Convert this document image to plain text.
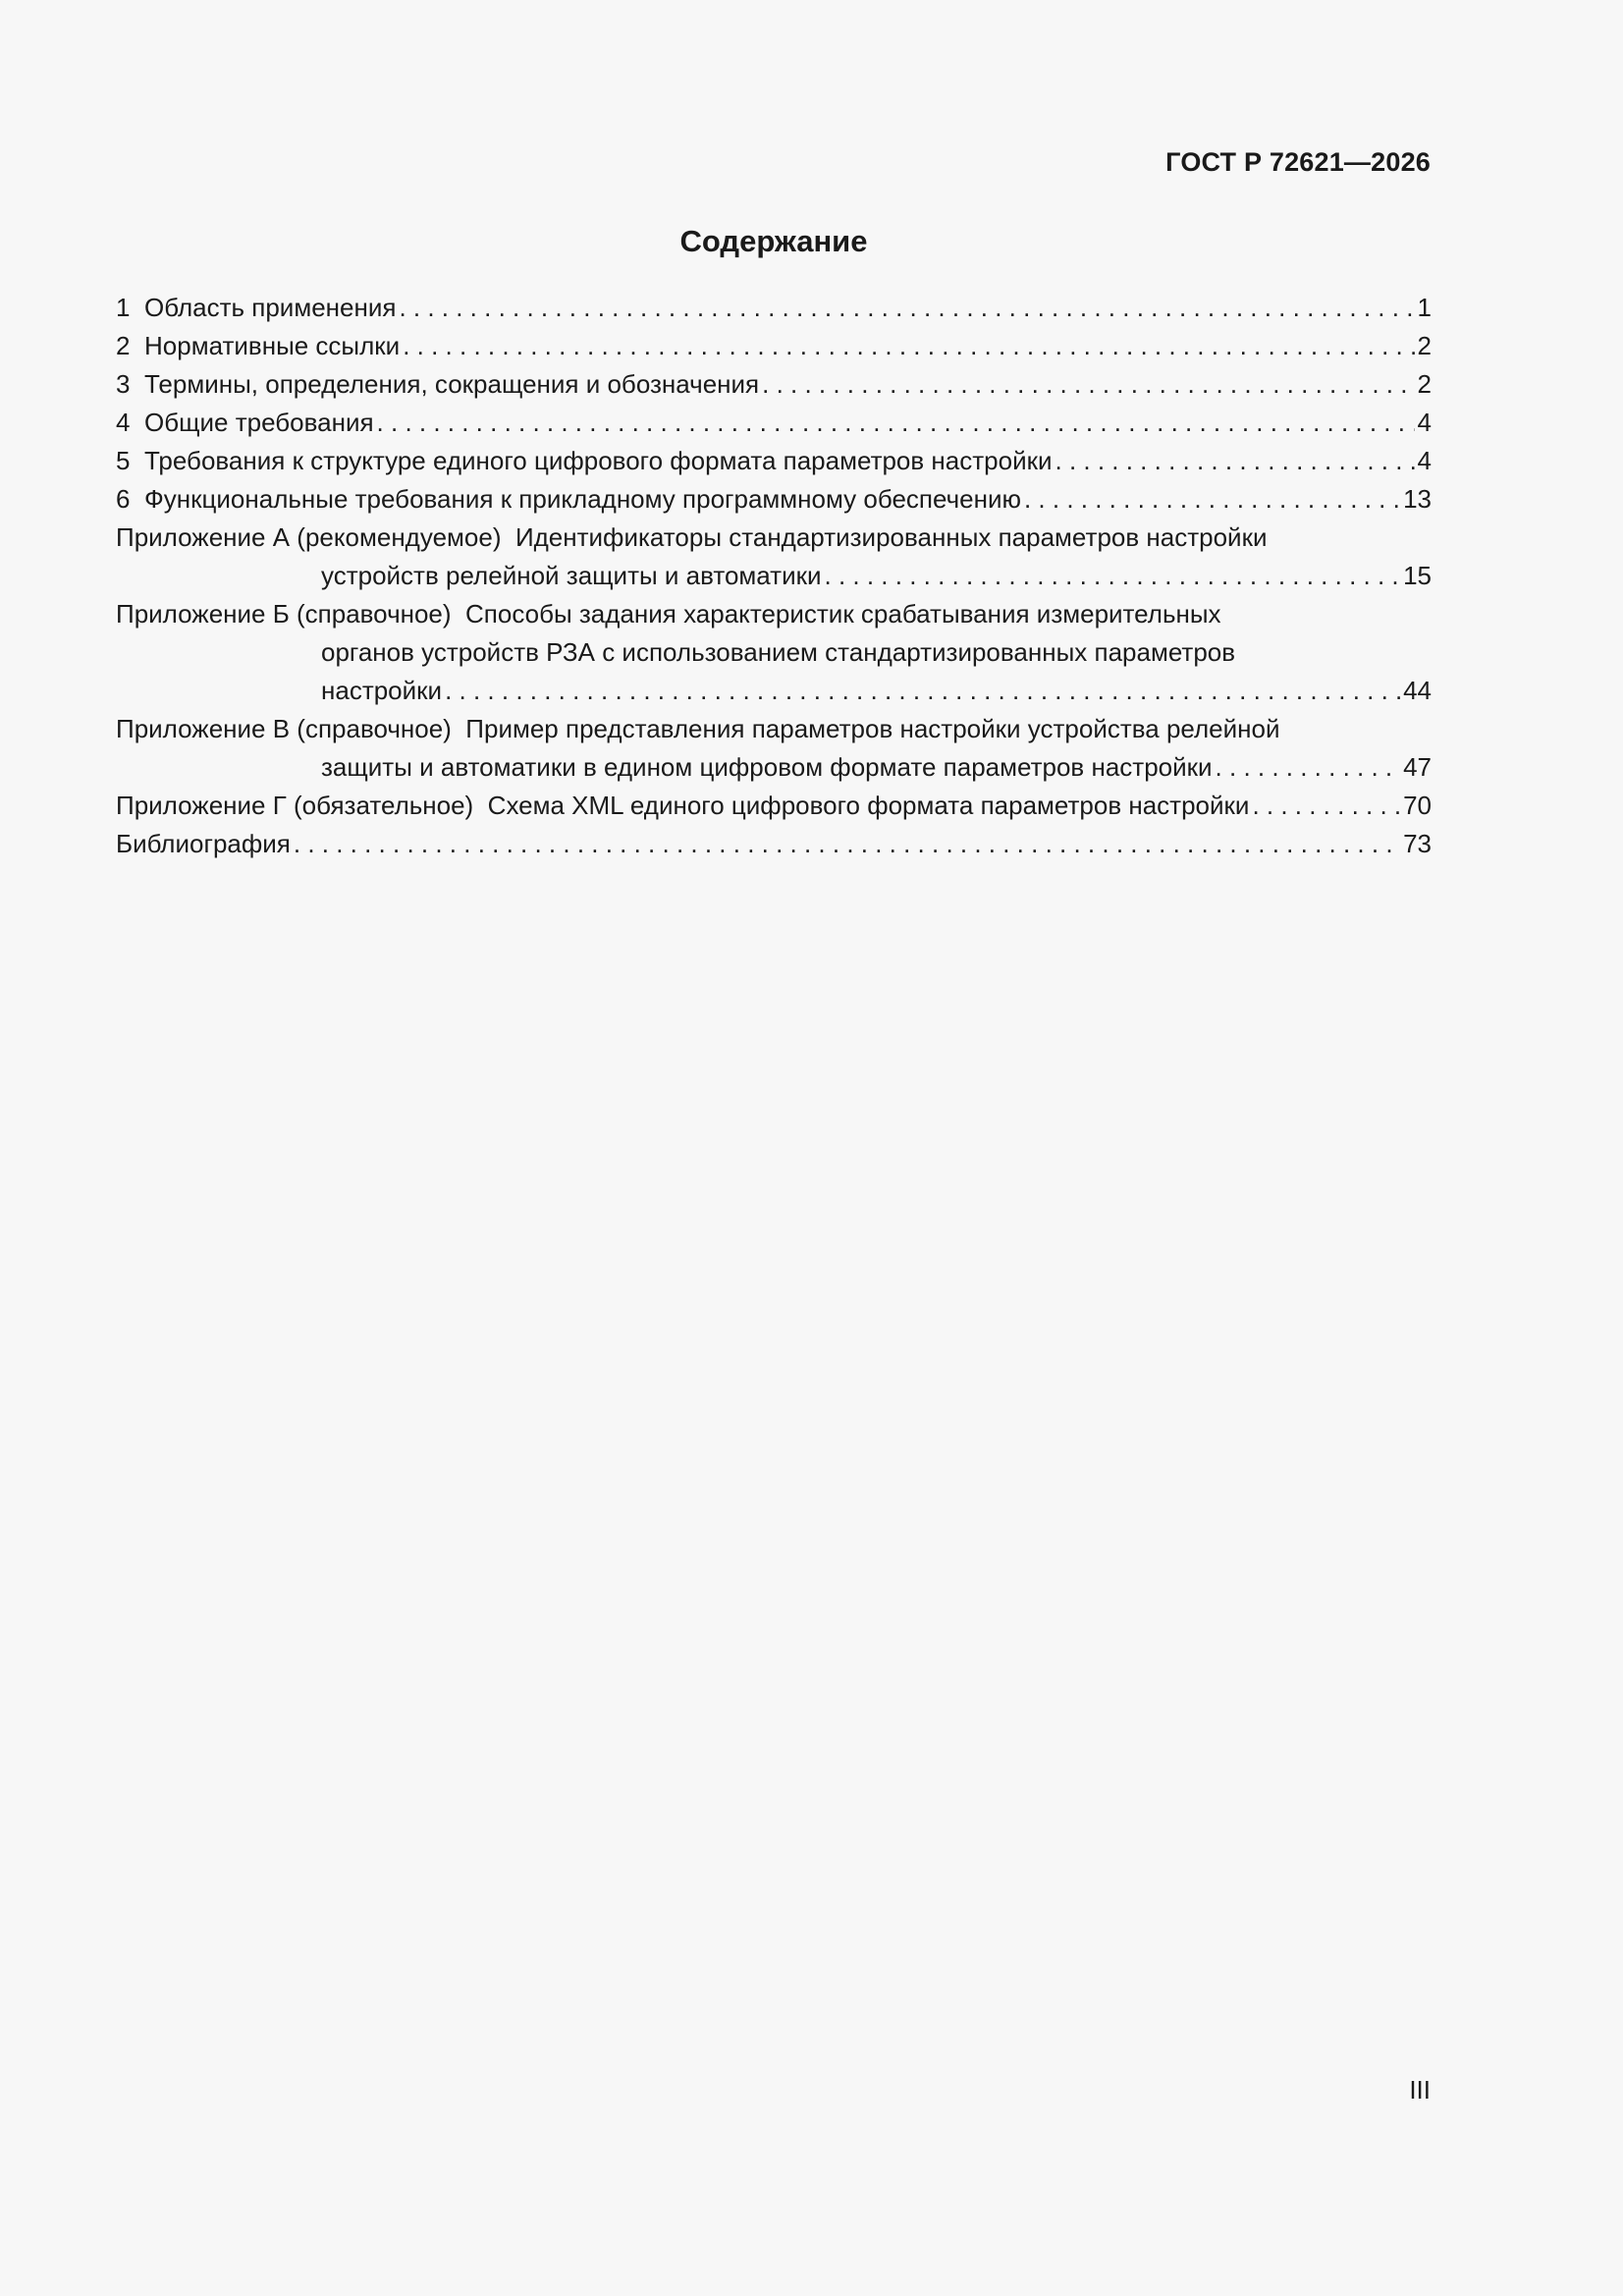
ГОСТ Р 72621—2026
Содержание
1 Область применения . . .	1
2 Нормативные ссылки . . .	2
3 Термины, определения, сокращения и обозначения . . .	2
4 Общие требования . . .	4
5 Требования к структуре единого цифрового формата параметров настройки . . .	4
6 Функциональные требования к прикладному программному обеспечению . . .	13
Приложение А (рекомендуемое) Идентификаторы стандартизированных параметров настройки
устройств релейной защиты и автоматики . . .	15
Приложение Б (справочное) Способы задания характеристик срабатывания измерительных
органов устройств РЗА с использованием стандартизированных параметров
настройки . . .	44
Приложение В (справочное) Пример представления параметров настройки устройства релейной
защиты и автоматики в едином цифровом формате параметров настройки . . .	47
Приложение Г (обязательное) Схема XML единого цифрового формата параметров настройки . . .	70
Библиография . . .	73
III
